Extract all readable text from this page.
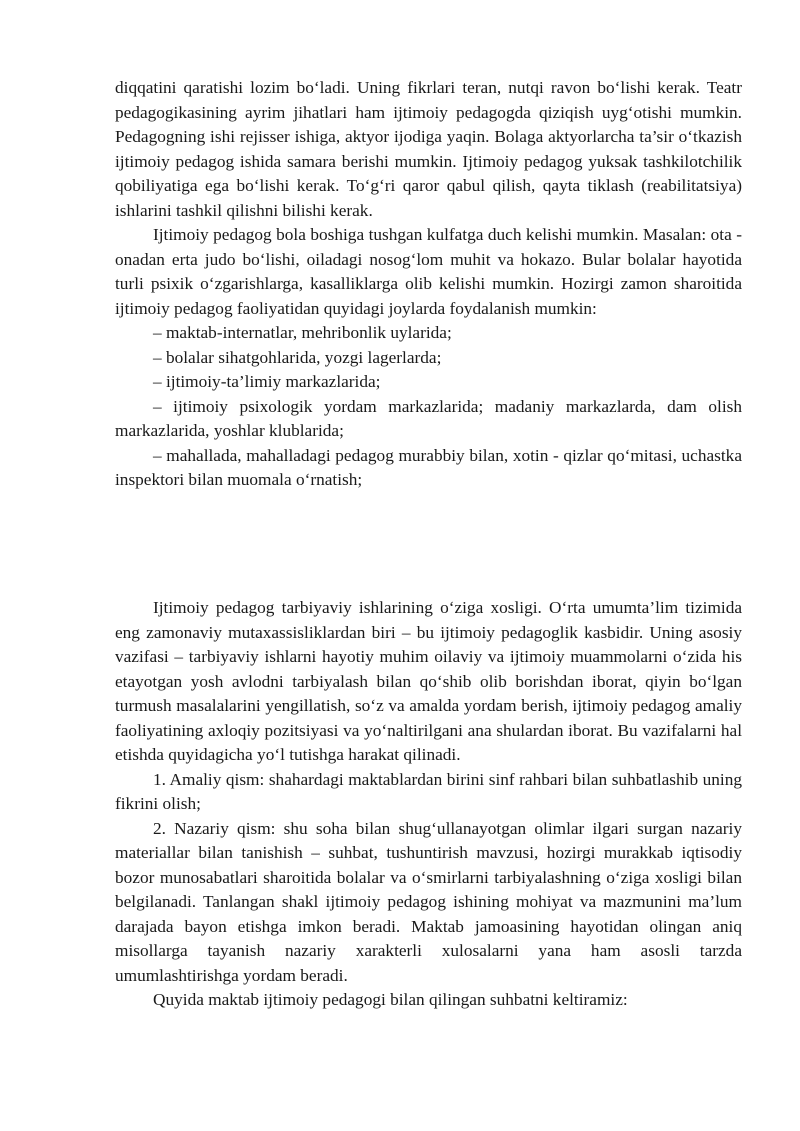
diqqatini qaratishi lozim bo‘ladi. Uning fikrlari teran, nutqi ravon bo‘lishi kerak. Teatr pedagogikasining ayrim jihatlari ham ijtimoiy pedagogda qiziqish uyg‘otishi mumkin. Pedagogning ishi rejisser ishiga, aktyor ijodiga yaqin. Bolaga aktyorlarcha ta’sir o‘tkazish ijtimoiy pedagog ishida samara berishi mumkin. Ijtimoiy pedagog yuksak tashkilotchilik qobiliyatiga ega bo‘lishi kerak. To‘g‘ri qaror qabul qilish, qayta tiklash (reabilitatsiya) ishlarini tashkil qilishni bilishi kerak.

Ijtimoiy pedagog bola boshiga tushgan kulfatga duch kelishi mumkin. Masalan: ota - onadan erta judo bo‘lishi, oiladagi nosog‘lom muhit va hokazo. Bular bolalar hayotida turli psixik o‘zgarishlarga, kasalliklarga olib kelishi mumkin. Hozirgi zamon sharoitida ijtimoiy pedagog faoliyatidan quyidagi joylarda foydalanish mumkin:

– maktab-internatlar, mehribonlik uylarida;

– bolalar sihatgohlarida, yozgi lagerlarda;

– ijtimoiy-ta’limiy markazlarida;

– ijtimoiy psixologik yordam markazlarida; madaniy markazlarda, dam olish markazlarida, yoshlar klublarida;

– mahallada, mahalladagi pedagog murabbiy bilan, xotin - qizlar qo‘mitasi, uchastka inspektori bilan muomala o‘rnatish;

Ijtimoiy pedagog tarbiyaviy ishlarining o‘ziga xosligi. O‘rta umumta’lim tizimida eng zamonaviy mutaxassisliklardan biri – bu ijtimoiy pedagoglik kasbidir. Uning asosiy vazifasi – tarbiyaviy ishlarni hayotiy muhim oilaviy va ijtimoiy muammolarni o‘zida his etayotgan yosh avlodni tarbiyalash bilan qo‘shib olib borishdan iborat, qiyin bo‘lgan turmush masalalarini yengillatish, so‘z va amalda yordam berish, ijtimoiy pedagog amaliy faoliyatining axloqiy pozitsiyasi va yo‘naltirilgani ana shulardan iborat. Bu vazifalarni hal etishda quyidagicha yo‘l tutishga harakat qilinadi.

1. Amaliy qism: shahardagi maktablardan birini sinf rahbari bilan suhbatlashib uning fikrini olish;

2. Nazariy qism: shu soha bilan shug‘ullanayotgan olimlar ilgari surgan nazariy materiallar bilan tanishish – suhbat, tushuntirish mavzusi, hozirgi murakkab iqtisodiy bozor munosabatlari sharoitida bolalar va o‘smirlarni tarbiyalashning o‘ziga xosligi bilan belgilanadi. Tanlangan shakl ijtimoiy pedagog ishining mohiyat va mazmunini ma’lum darajada bayon etishga imkon beradi. Maktab jamoasining hayotidan olingan aniq misollarga tayanish nazariy xarakterli xulosalarni yana ham asosli tarzda umumlashtirishga yordam beradi.

Quyida maktab ijtimoiy pedagogi bilan qilingan suhbatni keltiramiz:
